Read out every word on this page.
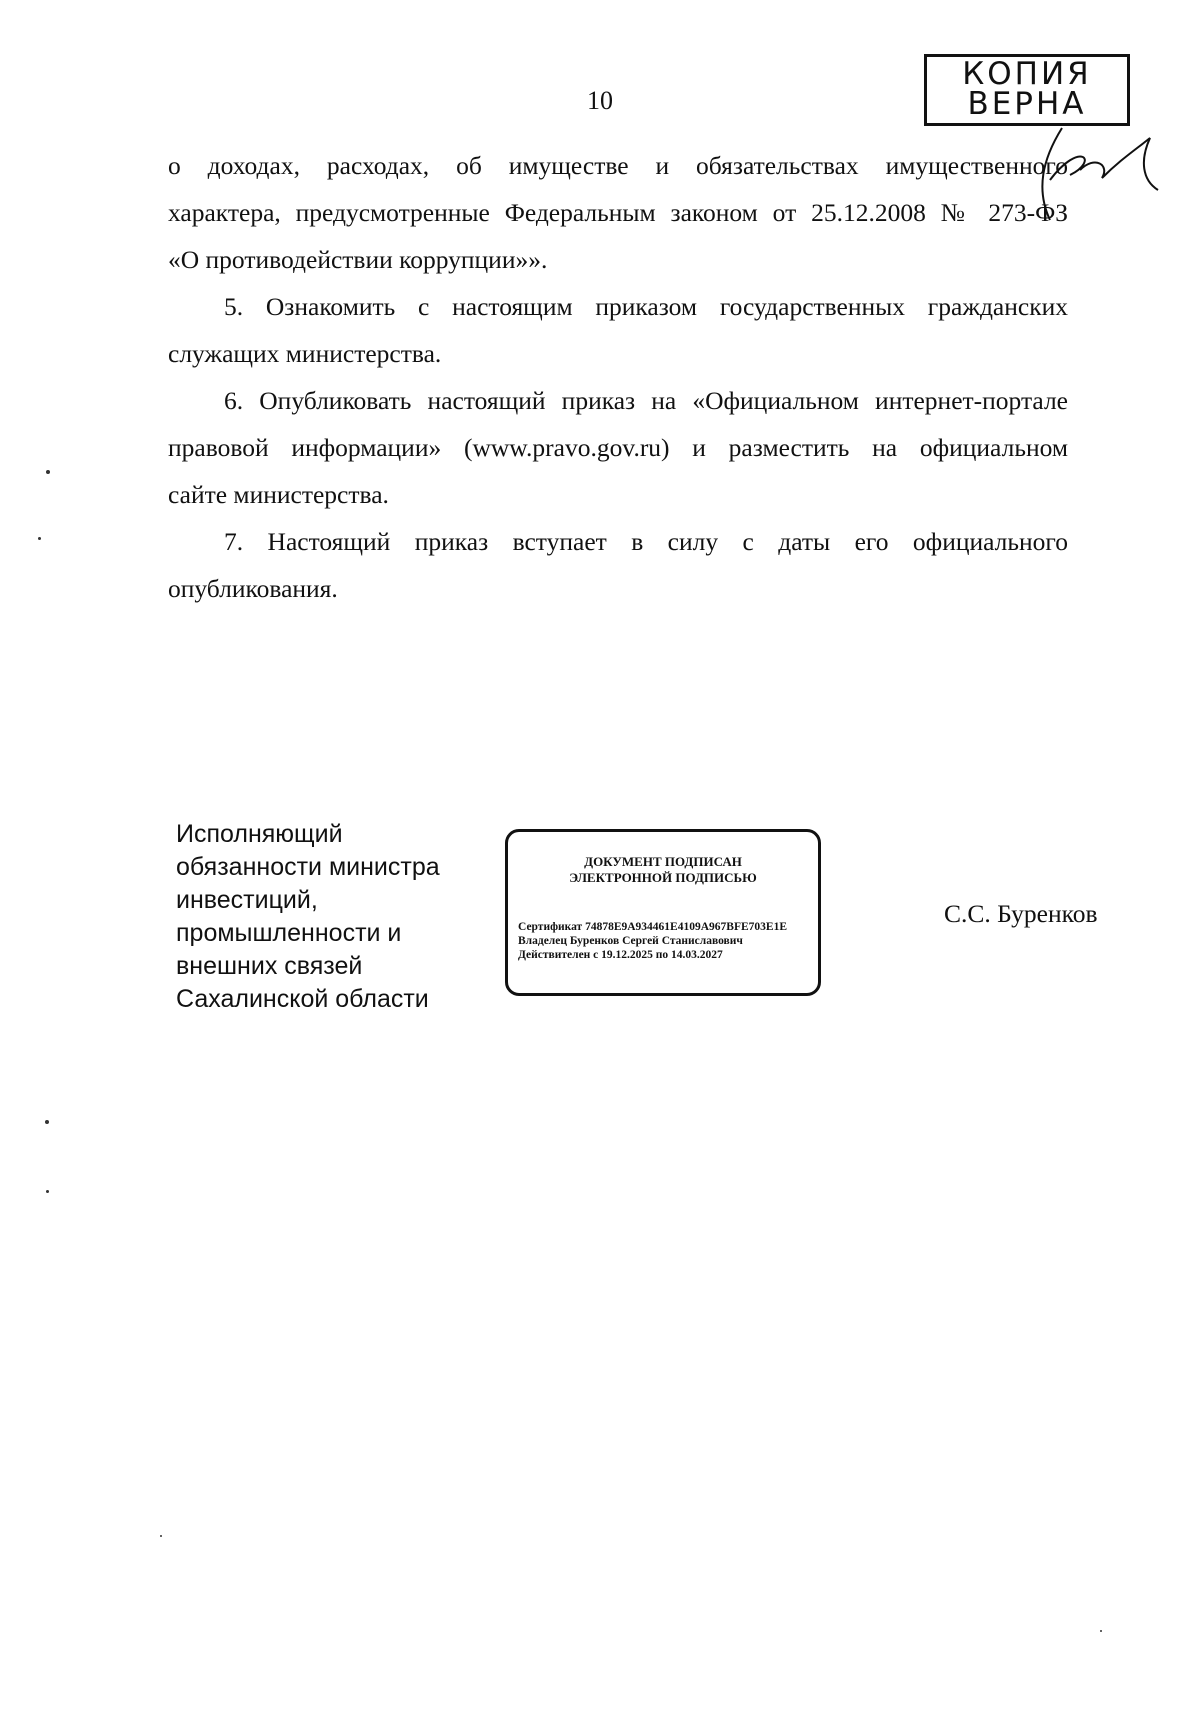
10
КОПИЯ
ВЕРНА
о доходах, расходах, об имуществе и обязательствах имущественного
характера, предусмотренные Федеральным законом от 25.12.2008 № 273-ФЗ
«О противодействии коррупции»».
5. Ознакомить с настоящим приказом государственных гражданских
служащих министерства.
6. Опубликовать настоящий приказ на «Официальном интернет-портале
правовой информации» (www.pravo.gov.ru) и разместить на официальном
сайте министерства.
7. Настоящий приказ вступает в силу с даты его официального
опубликования.
Исполняющий
обязанности министра
инвестиций,
промышленности и
внешних связей
Сахалинской области
ДОКУМЕНТ ПОДПИСАН
ЭЛЕКТРОННОЙ ПОДПИСЬЮ
Сертификат 74878E9A934461E4109A967BFE703E1E
Владелец Буренков Сергей Станиславович
Действителен с 19.12.2025 по 14.03.2027
С.С. Буренков
